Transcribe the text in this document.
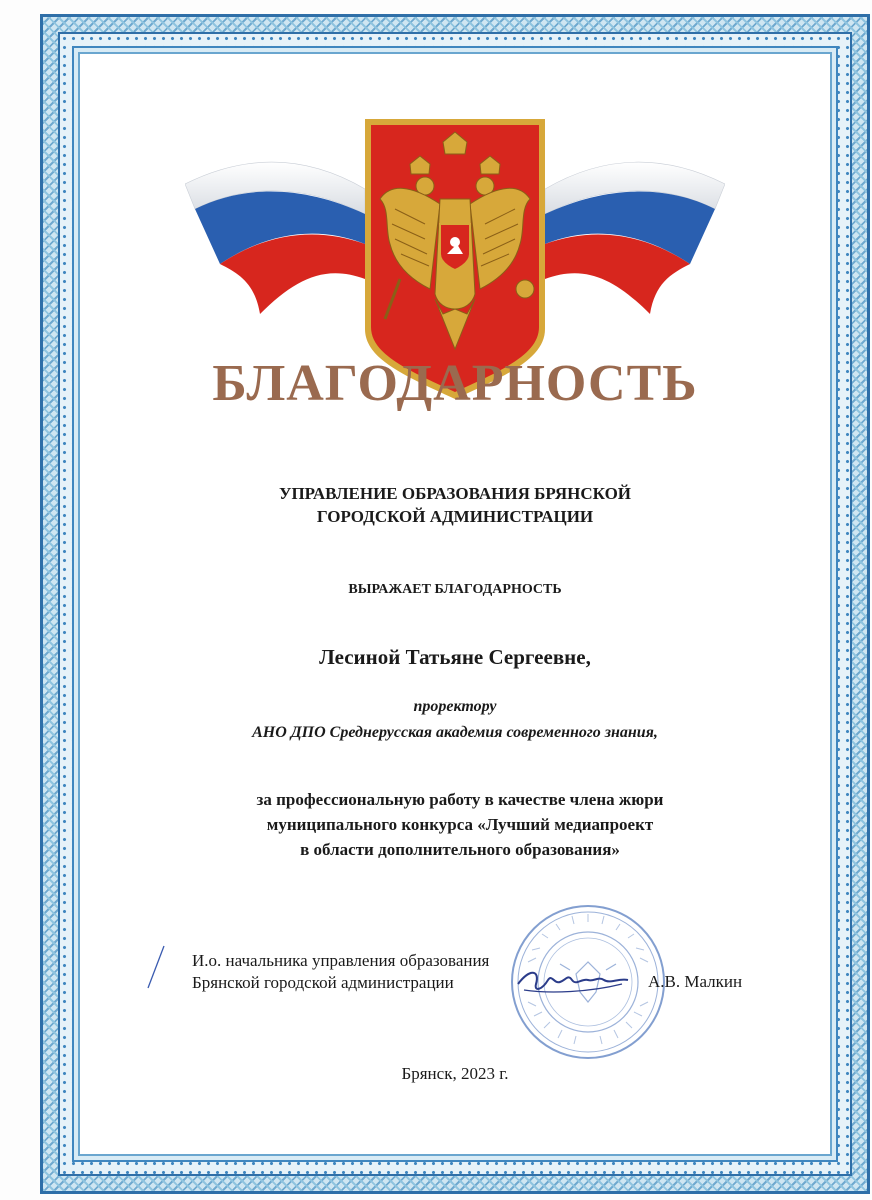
БЛАГОДАРНОСТЬ
УПРАВЛЕНИЕ ОБРАЗОВАНИЯ БРЯНСКОЙ
ГОРОДСКОЙ АДМИНИСТРАЦИИ
ВЫРАЖАЕТ БЛАГОДАРНОСТЬ
Лесиной Татьяне Сергеевне,
проректору
АНО ДПО Среднерусская академия современного знания,
за профессиональную работу в качестве члена жюри
муниципального конкурса «Лучший медиапроект
в области дополнительного образования»
И.о. начальника управления образования
Брянской городской администрации	А.В. Малкин
Брянск, 2023 г.
